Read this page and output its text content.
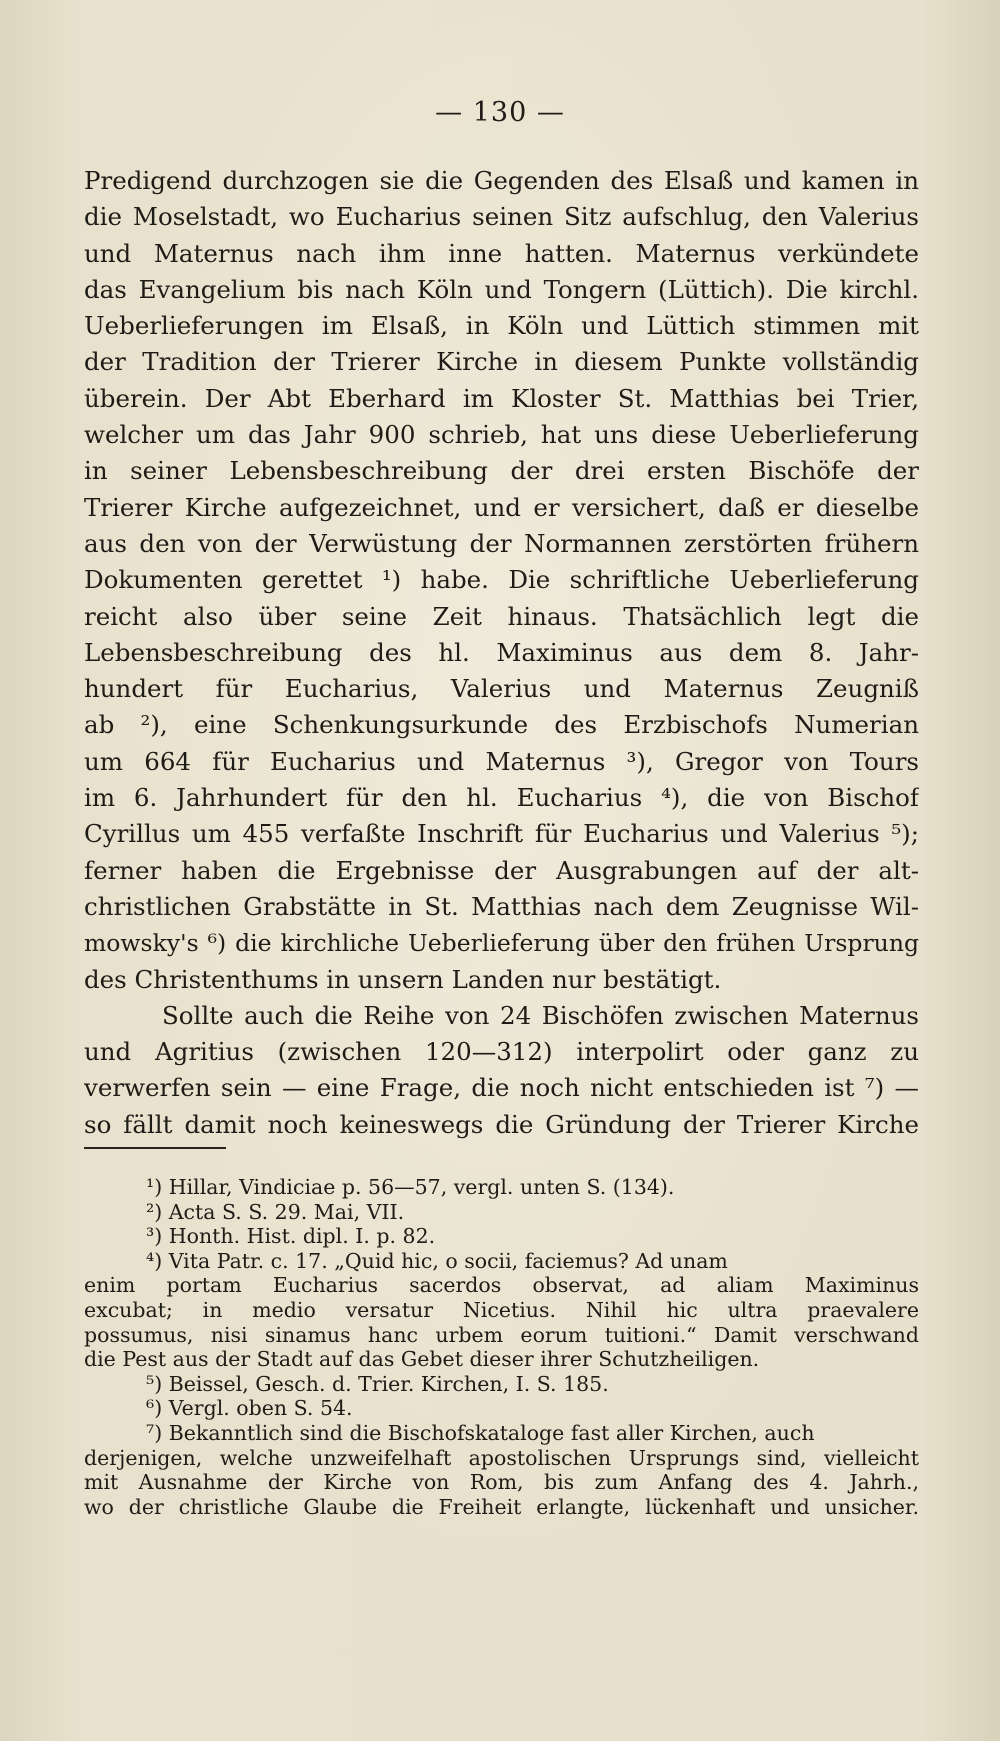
— 130 —
Predigend durchzogen sie die Gegenden des Elsaß und kamen in
die Moselstadt, wo Eucharius seinen Sitz aufschlug, den Valerius
und Maternus nach ihm inne hatten. Maternus verkündete
das Evangelium bis nach Köln und Tongern (Lüttich). Die kirchl.
Ueberlieferungen im Elsaß, in Köln und Lüttich stimmen mit
der Tradition der Trierer Kirche in diesem Punkte vollständig
überein. Der Abt Eberhard im Kloster St. Matthias bei Trier,
welcher um das Jahr 900 schrieb, hat uns diese Ueberlieferung
in seiner Lebensbeschreibung der drei ersten Bischöfe der
Trierer Kirche aufgezeichnet, und er versichert, daß er dieselbe
aus den von der Verwüstung der Normannen zerstörten frühern
Dokumenten gerettet ¹) habe. Die schriftliche Ueberlieferung
reicht also über seine Zeit hinaus. Thatsächlich legt die
Lebensbeschreibung des hl. Maximinus aus dem 8. Jahr-
hundert für Eucharius, Valerius und Maternus Zeugniß
ab ²), eine Schenkungsurkunde des Erzbischofs Numerian
um 664 für Eucharius und Maternus ³), Gregor von Tours
im 6. Jahrhundert für den hl. Eucharius ⁴), die von Bischof
Cyrillus um 455 verfaßte Inschrift für Eucharius und Valerius ⁵);
ferner haben die Ergebnisse der Ausgrabungen auf der alt-
christlichen Grabstätte in St. Matthias nach dem Zeugnisse Wil-
mowsky's ⁶) die kirchliche Ueberlieferung über den frühen Ursprung
des Christenthums in unsern Landen nur bestätigt.
Sollte auch die Reihe von 24 Bischöfen zwischen Maternus
und Agritius (zwischen 120—312) interpolirt oder ganz zu
verwerfen sein — eine Frage, die noch nicht entschieden ist ⁷) —
so fällt damit noch keineswegs die Gründung der Trierer Kirche
¹) Hillar, Vindiciae p. 56—57, vergl. unten S. (134).
²) Acta S. S. 29. Mai, VII.
³) Honth. Hist. dipl. I. p. 82.
⁴) Vita Patr. c. 17. „Quid hic, o socii, faciemus? Ad unam
enim portam Eucharius sacerdos observat, ad aliam Maximinus
excubat; in medio versatur Nicetius. Nihil hic ultra praevalere
possumus, nisi sinamus hanc urbem eorum tuitioni.“ Damit verschwand
die Pest aus der Stadt auf das Gebet dieser ihrer Schutzheiligen.
⁵) Beissel, Gesch. d. Trier. Kirchen, I. S. 185.
⁶) Vergl. oben S. 54.
⁷) Bekanntlich sind die Bischofskataloge fast aller Kirchen, auch
derjenigen, welche unzweifelhaft apostolischen Ursprungs sind, vielleicht
mit Ausnahme der Kirche von Rom, bis zum Anfang des 4. Jahrh.,
wo der christliche Glaube die Freiheit erlangte, lückenhaft und unsicher.
